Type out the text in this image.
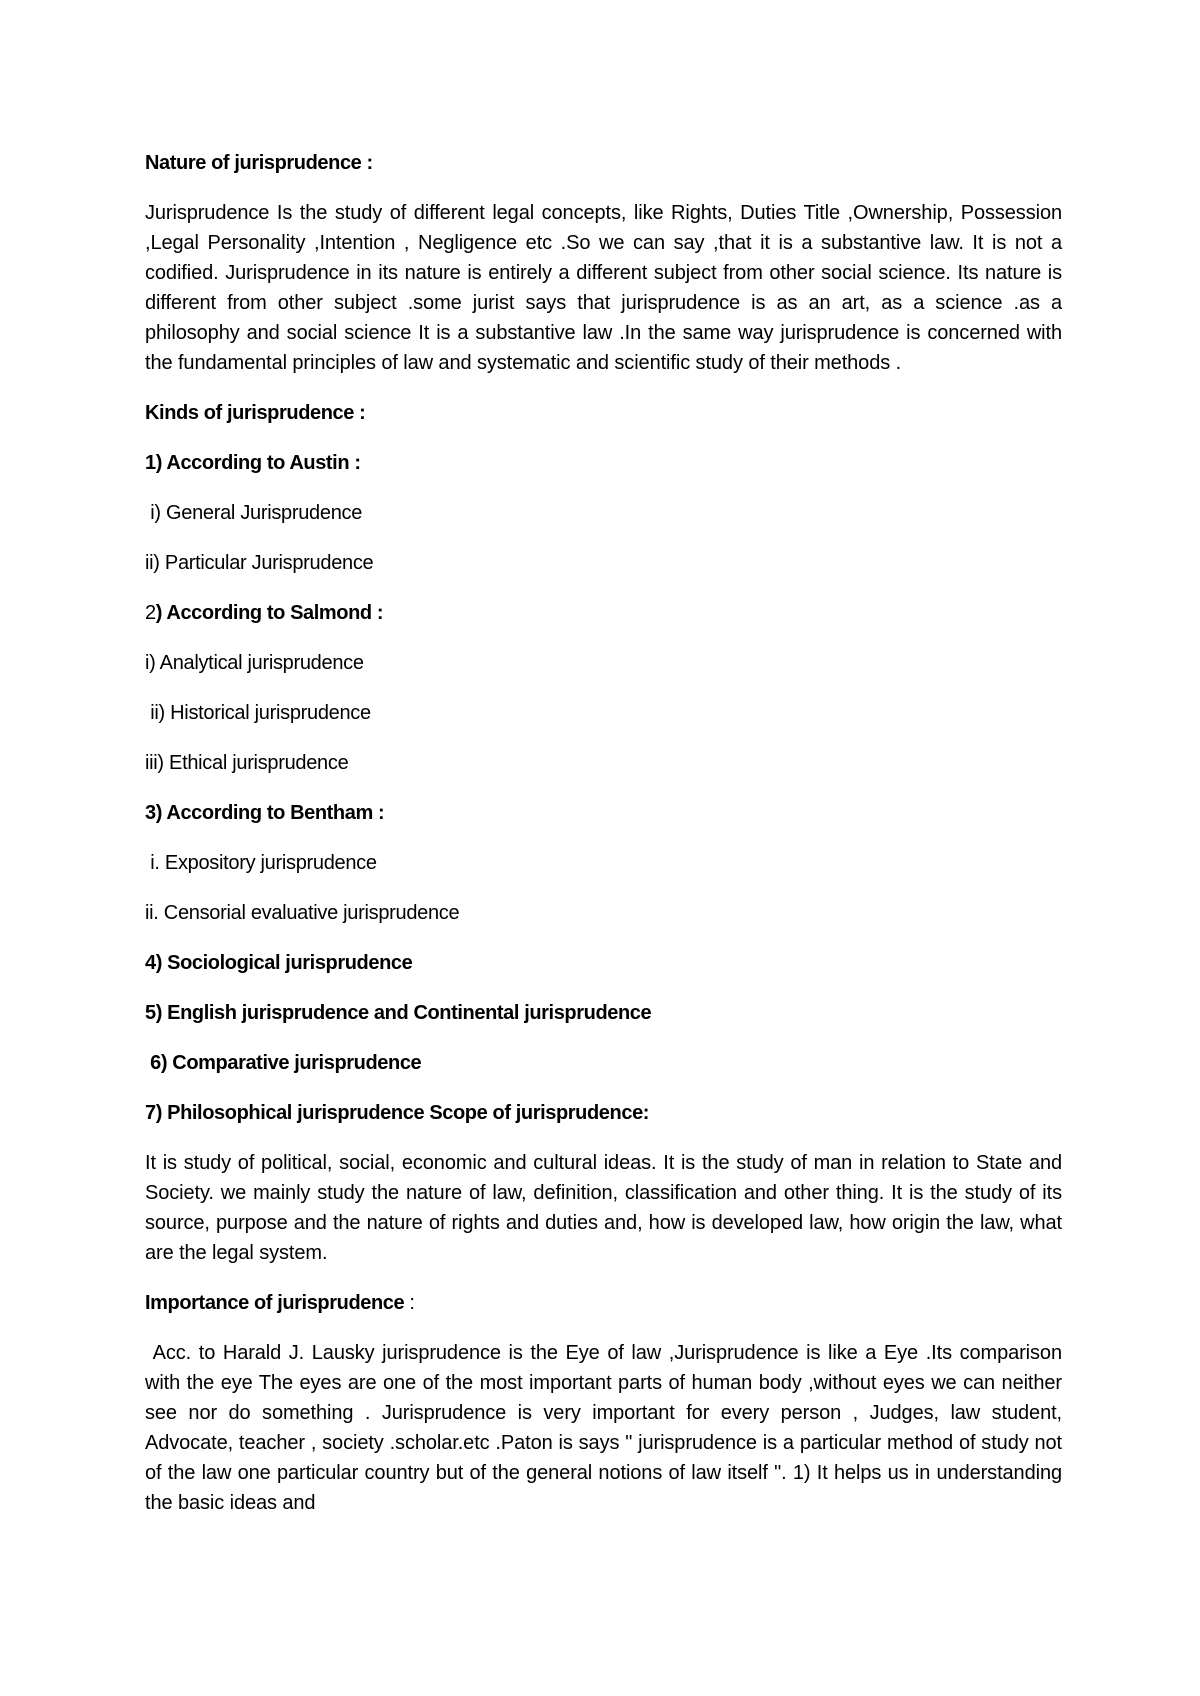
Nature of jurisprudence :

Jurisprudence Is the study of different legal concepts, like Rights, Duties Title ,Ownership, Possession ,Legal Personality ,Intention , Negligence etc .So we can say ,that it is a substantive law. It is not a codified. Jurisprudence in its nature is entirely a different subject from other social science. Its nature is different from other subject .some jurist says that jurisprudence is as an art, as a science .as a philosophy and social science It is a substantive law .In the same way jurisprudence is concerned with the fundamental principles of law and systematic and scientific study of their methods .

Kinds of jurisprudence :

1) According to Austin :

i) General Jurisprudence

ii) Particular Jurisprudence

2) According to Salmond :

i) Analytical jurisprudence

ii) Historical jurisprudence

iii) Ethical jurisprudence

3) According to Bentham :

i. Expository jurisprudence

ii. Censorial evaluative jurisprudence

4) Sociological jurisprudence

5) English jurisprudence and Continental jurisprudence

6) Comparative jurisprudence

7) Philosophical jurisprudence Scope of jurisprudence:

It is study of political, social, economic and cultural ideas. It is the study of man in relation to State and Society. we mainly study the nature of law, definition, classification and other thing. It is the study of its source, purpose and the nature of rights and duties and, how is developed law, how origin the law, what are the legal system.

Importance of jurisprudence :

Acc. to Harald J. Lausky jurisprudence is the Eye of law ,Jurisprudence is like a Eye .Its comparison with the eye The eyes are one of the most important parts of human body ,without eyes we can neither see nor do something . Jurisprudence is very important for every person , Judges, law student, Advocate, teacher , society .scholar.etc .Paton is says " jurisprudence is a particular method of study not of the law one particular country but of the general notions of law itself ". 1) It helps us in understanding the basic ideas and
